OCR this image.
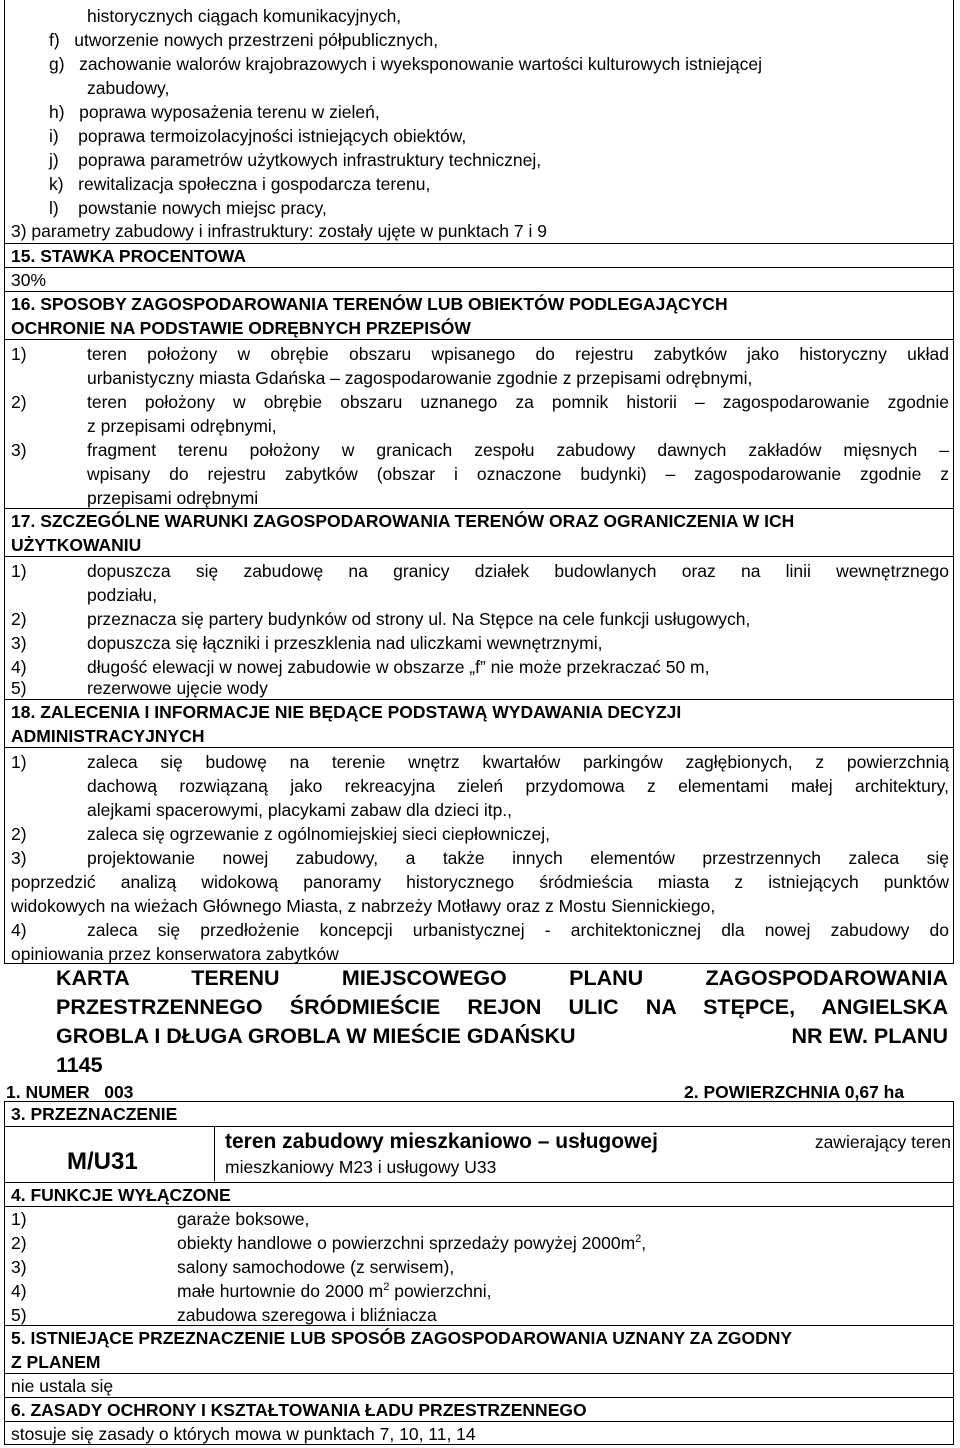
historycznych ciągach komunikacyjnych,
f)   utworzenie nowych przestrzeni półpublicznych,
g)   zachowanie walorów krajobrazowych i wyeksponowanie wartości kulturowych istniejącej
zabudowy,
h)   poprawa wyposażenia terenu w zieleń,
i)    poprawa termoizolacyjności istniejących obiektów,
j)    poprawa parametrów użytkowych infrastruktury technicznej,
k)   rewitalizacja społeczna i gospodarcza terenu,
l)    powstanie nowych miejsc pracy,
3) parametry zabudowy i infrastruktury: zostały ujęte w punktach 7 i 9
15. STAWKA PROCENTOWA
30%
16. SPOSOBY ZAGOSPODAROWANIA TERENÓW LUB OBIEKTÓW PODLEGAJĄCYCH
OCHRONIE NA PODSTAWIE ODRĘBNYCH PRZEPISÓW
1)	teren położony w obrębie obszaru wpisanego do rejestru zabytków jako historyczny układ
urbanistyczny miasta Gdańska – zagospodarowanie zgodnie z przepisami odrębnymi,
2)	teren położony w obrębie obszaru uznanego za pomnik historii – zagospodarowanie zgodnie
z przepisami odrębnymi,
3)	fragment terenu położony w granicach zespołu zabudowy dawnych zakładów mięsnych –
wpisany do rejestru zabytków (obszar i oznaczone budynki) – zagospodarowanie zgodnie z
przepisami odrębnymi
17. SZCZEGÓLNE WARUNKI ZAGOSPODAROWANIA TERENÓW ORAZ OGRANICZENIA W ICH
UŻYTKOWANIU
1)	dopuszcza się zabudowę na granicy działek budowlanych oraz na linii wewnętrznego
podziału,
2)	przeznacza się partery budynków od strony ul. Na Stępce na cele funkcji usługowych,
3)	dopuszcza się łączniki i przeszklenia nad uliczkami wewnętrznymi,
4)	długość elewacji w nowej zabudowie w obszarze „f” nie może przekraczać 50 m,
5)	rezerwowe ujęcie wody
18. ZALECENIA I INFORMACJE NIE BĘDĄCE PODSTAWĄ WYDAWANIA DECYZJI
ADMINISTRACYJNYCH
1)	zaleca się budowę na terenie wnętrz kwartałów parkingów zagłębionych, z powierzchnią
dachową rozwiązaną jako rekreacyjna zieleń przydomowa z elementami małej architektury,
alejkami spacerowymi, placykami zabaw dla dzieci itp.,
2)	zaleca się ogrzewanie z ogólnomiejskiej sieci ciepłowniczej,
3)	projektowanie nowej zabudowy, a także innych elementów przestrzennych zaleca się
poprzedzić analizą widokową panoramy historycznego śródmieścia miasta z istniejących punktów
widokowych na wieżach Głównego Miasta, z nabrzeży Motławy oraz z Mostu Siennickiego,
4)	zaleca się przedłożenie koncepcji urbanistycznej - architektonicznej dla nowej zabudowy do
opiniowania przez konserwatora zabytków
KARTA TERENU MIEJSCOWEGO PLANU ZAGOSPODAROWANIA
PRZESTRZENNEGO ŚRÓDMIEŚCIE REJON ULIC NA STĘPCE, ANGIELSKA
GROBLA I DŁUGA GROBLA W MIEŚCIE GDAŃSKU	NR EW. PLANU
1145
1. NUMER   003	2. POWIERZCHNIA 0,67 ha
3. PRZEZNACZENIE
M/U31
teren zabudowy mieszkaniowo – usługowej	zawierający teren
mieszkaniowy M23 i usługowy U33
4. FUNKCJE WYŁĄCZONE
1)	garaże boksowe,
2)	obiekty handlowe o powierzchni sprzedaży powyżej $2000m^2$,
3)	salony samochodowe (z serwisem),
4)	małe hurtownie do 2000 $m^2$ powierzchni,
5)	zabudowa szeregowa i bliźniacza
5. ISTNIEJĄCE PRZEZNACZENIE LUB SPOSÓB ZAGOSPODAROWANIA UZNANY ZA ZGODNY
Z PLANEM
nie ustala się
6. ZASADY OCHRONY I KSZTAŁTOWANIA ŁADU PRZESTRZENNEGO
stosuje się zasady o których mowa w punktach 7, 10, 11, 14
